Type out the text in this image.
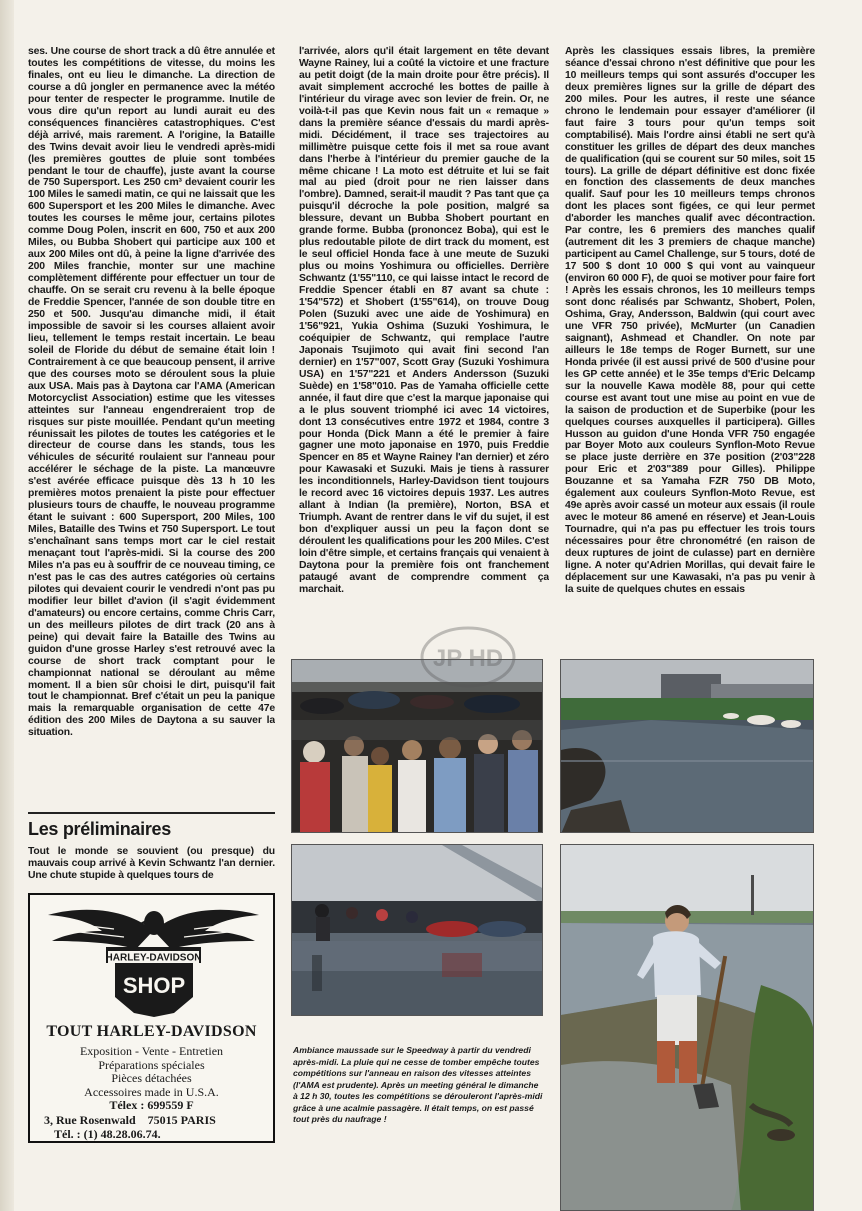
ses. Une course de short track a dû être annulée et toutes les compétitions de vitesse, du moins les finales, ont eu lieu le dimanche. La direction de course a dû jongler en permanence avec la météo pour tenter de respecter le programme. Inutile de vous dire qu'un report au lundi aurait eu des conséquences financières catastrophiques. C'est déjà arrivé, mais rarement. A l'origine, la Bataille des Twins devait avoir lieu le vendredi après-midi (les premières gouttes de pluie sont tombées pendant le tour de chauffe), juste avant la course de 750 Supersport. Les 250 cm³ devaient courir les 100 Miles le samedi matin, ce qui ne laissait que les 600 Supersport et les 200 Miles le dimanche. Avec toutes les courses le même jour, certains pilotes comme Doug Polen, inscrit en 600, 750 et aux 200 Miles, ou Bubba Shobert qui participe aux 100 et aux 200 Miles ont dû, à peine la ligne d'arrivée des 200 Miles franchie, monter sur une machine complètement différente pour effectuer un tour de chauffe. On se serait cru revenu à la belle époque de Freddie Spencer, l'année de son double titre en 250 et 500. Jusqu'au dimanche midi, il était impossible de savoir si les courses allaient avoir lieu, tellement le temps restait incertain. Le beau soleil de Floride du début de semaine était loin ! Contrairement à ce que beaucoup pensent, il arrive que des courses moto se déroulent sous la pluie aux USA. Mais pas à Daytona car l'AMA (American Motorcyclist Association) estime que les vitesses atteintes sur l'anneau engendreraient trop de risques sur piste mouillée. Pendant qu'un meeting réunissait les pilotes de toutes les catégories et le directeur de course dans les stands, tous les véhicules de sécurité roulaient sur l'anneau pour accélérer le séchage de la piste. La manœuvre s'est avérée efficace puisque dès 13 h 10 les premières motos prenaient la piste pour effectuer plusieurs tours de chauffe, le nouveau programme étant le suivant : 600 Supersport, 200 Miles, 100 Miles, Bataille des Twins et 750 Supersport. Le tout s'enchaînant sans temps mort car le ciel restait menaçant tout l'après-midi. Si la course des 200 Miles n'a pas eu à souffrir de ce nouveau timing, ce n'est pas le cas des autres catégories où certains pilotes qui devaient courir le vendredi n'ont pas pu modifier leur billet d'avion (il s'agit évidemment d'amateurs) ou encore certains, comme Chris Carr, un des meilleurs pilotes de dirt track (20 ans à peine) qui devait faire la Bataille des Twins au guidon d'une grosse Harley s'est retrouvé avec la course de short track comptant pour le championnat national se déroulant au même moment. Il a bien sûr choisi le dirt, puisqu'il fait tout le championnat. Bref c'était un peu la panique mais la remarquable organisation de cette 47e édition des 200 Miles de Daytona a su sauver la situation.

Les préliminaires

Tout le monde se souvient (ou presque) du mauvais coup arrivé à Kevin Schwantz l'an dernier. Une chute stupide à quelques tours de

HARLEY-DAVIDSON
SHOP
TOUT HARLEY-DAVIDSON
Exposition - Vente - Entretien
Préparations spéciales
Pièces détachées
Accessoires made in U.S.A.
Télex : 699559 F
3, Rue Rosenwald    75015 PARIS
Tél. : (1) 48.28.06.74.

l'arrivée, alors qu'il était largement en tête devant Wayne Rainey, lui a coûté la victoire et une fracture au petit doigt (de la main droite pour être précis). Il avait simplement accroché les bottes de paille à l'intérieur du virage avec son levier de frein. Or, ne voilà-t-il pas que Kevin nous fait un « remaque » dans la première séance d'essais du mardi après-midi. Décidément, il trace ses trajectoires au millimètre puisque cette fois il met sa roue avant dans l'herbe à l'intérieur du premier gauche de la même chicane ! La moto est détruite et lui se fait mal au pied (droit pour ne rien laisser dans l'ombre). Damned, serait-il maudit ? Pas tant que ça puisqu'il décroche la pole position, malgré sa blessure, devant un Bubba Shobert pourtant en grande forme. Bubba (prononcez Boba), qui est le plus redoutable pilote de dirt track du moment, est le seul officiel Honda face à une meute de Suzuki plus ou moins Yoshimura ou officielles. Derrière Schwantz (1'55"110, ce qui laisse intact le record de Freddie Spencer établi en 87 avant sa chute : 1'54"572) et Shobert (1'55"614), on trouve Doug Polen (Suzuki avec une aide de Yoshimura) en 1'56"921, Yukia Oshima (Suzuki Yoshimura, le coéquipier de Schwantz, qui remplace l'autre Japonais Tsujimoto qui avait fini second l'an dernier) en 1'57"007, Scott Gray (Suzuki Yoshimura USA) en 1'57"221 et Anders Andersson (Suzuki Suède) en 1'58"010. Pas de Yamaha officielle cette année, il faut dire que c'est la marque japonaise qui a le plus souvent triomphé ici avec 14 victoires, dont 13 consécutives entre 1972 et 1984, contre 3 pour Honda (Dick Mann a été le premier à faire gagner une moto japonaise en 1970, puis Freddie Spencer en 85 et Wayne Rainey l'an dernier) et zéro pour Kawasaki et Suzuki. Mais je tiens à rassurer les inconditionnels, Harley-Davidson tient toujours le record avec 16 victoires depuis 1937. Les autres allant à Indian (la première), Norton, BSA et Triumph. Avant de rentrer dans le vif du sujet, il est bon d'expliquer aussi un peu la façon dont se déroulent les qualifications pour les 200 Miles. C'est loin d'être simple, et certains français qui venaient à Daytona pour la première fois ont franchement pataugé avant de comprendre comment ça marchait.

Après les classiques essais libres, la première séance d'essai chrono n'est définitive que pour les 10 meilleurs temps qui sont assurés d'occuper les deux premières lignes sur la grille de départ des 200 miles. Pour les autres, il reste une séance chrono le lendemain pour essayer d'améliorer (il faut faire 3 tours pour qu'un temps soit comptabilisé). Mais l'ordre ainsi établi ne sert qu'à constituer les grilles de départ des deux manches de qualification (qui se courent sur 50 miles, soit 15 tours). La grille de départ définitive est donc fixée en fonction des classements de deux manches qualif. Sauf pour les 10 meilleurs temps chronos dont les places sont figées, ce qui leur permet d'aborder les manches qualif avec décontraction. Par contre, les 6 premiers des manches qualif (autrement dit les 3 premiers de chaque manche) participent au Camel Challenge, sur 5 tours, doté de 17 500 $ dont 10 000 $ qui vont au vainqueur (environ 60 000 F), de quoi se motiver pour faire fort ! Après les essais chronos, les 10 meilleurs temps sont donc réalisés par Schwantz, Shobert, Polen, Oshima, Gray, Andersson, Baldwin (qui court avec une VFR 750 privée), McMurter (un Canadien saignant), Ashmead et Chandler. On note par ailleurs le 18e temps de Roger Burnett, sur une Honda privée (il est aussi privé de 500 d'usine pour les GP cette année) et le 35e temps d'Eric Delcamp sur la nouvelle Kawa modèle 88, pour qui cette course est avant tout une mise au point en vue de la saison de production et de Superbike (pour les quelques courses auxquelles il participera). Gilles Husson au guidon d'une Honda VFR 750 engagée par Boyer Moto aux couleurs Synflon-Moto Revue se place juste derrière en 37e position (2'03"228 pour Eric et 2'03"389 pour Gilles). Philippe Bouzanne et sa Yamaha FZR 750 DB Moto, également aux couleurs Synflon-Moto Revue, est 49e après avoir cassé un moteur aux essais (il roule avec le moteur 86 amené en réserve) et Jean-Louis Tournadre, qui n'a pas pu effectuer les trois tours nécessaires pour être chronométré (en raison de deux ruptures de joint de culasse) part en dernière ligne. A noter qu'Adrien Morillas, qui devait faire le déplacement sur une Kawasaki, n'a pas pu venir à la suite de quelques chutes en essais

Ambiance maussade sur le Speedway à partir du vendredi après-midi. La pluie qui ne cesse de tomber empêche toutes compétitions sur l'anneau en raison des vitesses atteintes (l'AMA est prudente). Après un meeting général le dimanche à 12 h 30, toutes les compétitions se dérouleront l'après-midi grâce à une acalmie passagère. Il était temps, on est passé tout près du naufrage !
JP HD
